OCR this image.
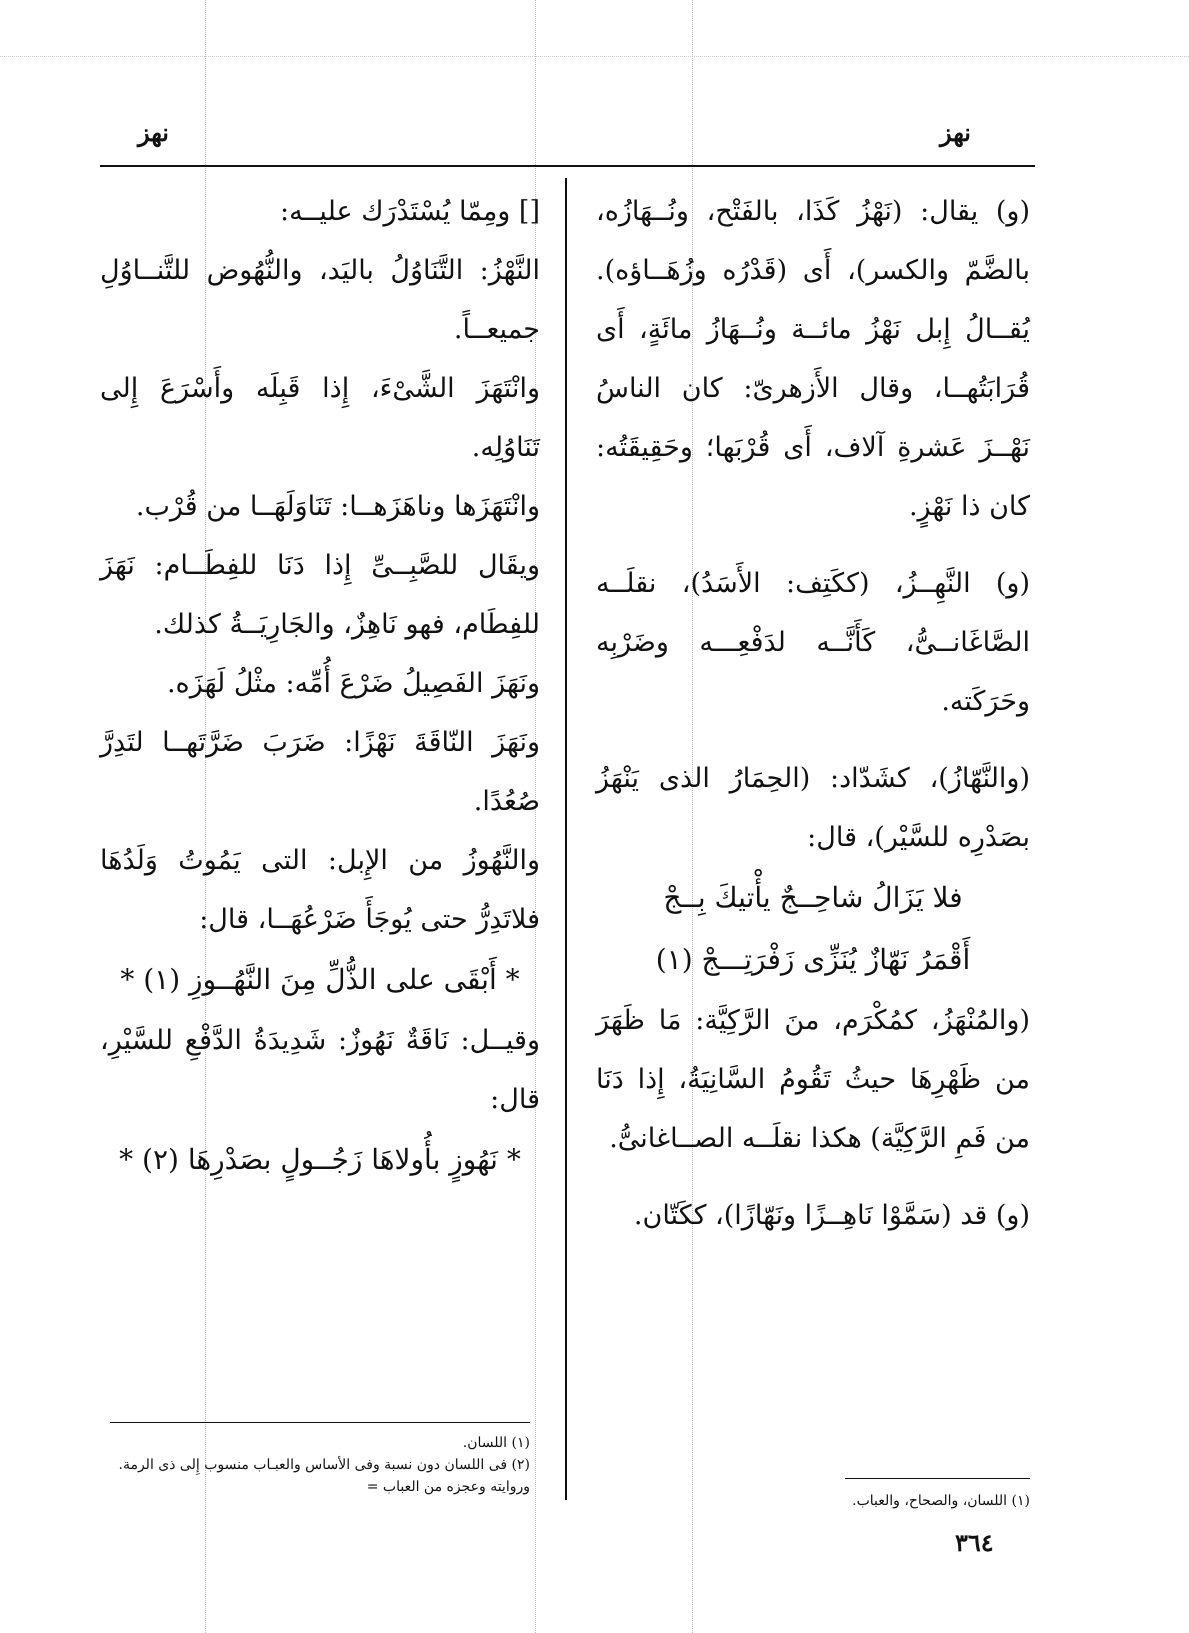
نهز
نهز

(و) يقال: (نَهْزُ كَذَا، بالفَتْح، ونُــهَازُه، بالضَّمّ والكسر)، أَى (قَدْرُه وزُهَــاؤه). يُقــالُ إِبل نَهْزُ مائــة ونُــهَازُ مائَةٍ، أَى قُرَابَتُهــا، وقال الأَزهرىّ: كان الناسُ نَهْــزَ عَشرةِ آلاف، أَى قُرْبَها؛ وحَقِيقَتُه: كان ذا نَهْزٍ.

(و) النَّهِــزُ، (ككَتِف: الأَسَدُ)، نقلَــه الصَّاغَانــىُّ، كَأَنَّــه لدَفْعِـــه وضَرْبِه وحَرَكَته.

(والنَّهّازُ)، كشَدّاد: (الحِمَارُ الذى يَنْهَزُ بصَدْرِه للسَّيْر)، قال:

فلا يَزَالُ شاحِــجٌ يأْتيكَ بِــجْ

أَقْمَرُ نَهّازٌ يُنَزِّى زَفْرَتِـــجْ (١)

(والمُنْهَزُ، كمُكْرَم، منَ الرَّكِيَّة: مَا ظَهَرَ من ظَهْرِهَا حيثُ تَقُومُ السَّانِيَةُ، إِذا دَنَا من فَمِ الرَّكِيَّة) هكذا نقلَــه الصــاغانىُّ.

(و) قد (سَمَّوْا نَاهِــزًا ونَهّازًا)، ككَتّان.

[] ومِمّا يُسْتَدْرَك عليــه:

النَّهْزُ: التَّنَاوُلُ باليَد، والنُّهُوض للتَّنــاوُلِ جميعــاً.

وانْتَهَزَ الشَّىْءَ، إِذا قَبِلَه وأَسْرَعَ إِلى تَنَاوُلِه.

وانْتَهَزَها وناهَزَهــا: تَنَاوَلَهَــا من قُرْب.

ويقَال للصَّبِــىِّ إِذا دَنَا للفِطَــام: نَهَزَ للفِطَام، فهو نَاهِزٌ، والجَارِيَــةُ كذلك.

ونَهَزَ الفَصِيلُ ضَرْعَ أُمِّه: مثْلُ لَهَزَه.

ونَهَزَ النّاقَةَ نَهْزًا: ضَرَبَ ضَرَّتَهــا لتَدِرَّ صُعُدًا.

والنَّهُوزُ من الإِبل: التى يَمُوتُ وَلَدُهَا فلاتَدِرُّ حتى يُوجَأَ ضَرْعُهَــا، قال:

* أَبْقَى على الذُّلِّ مِنَ النَّهُــوزِ (١) *

وقيــل: نَاقَةٌ نَهُوزٌ: شَدِيدَةُ الدَّفْعِ للسَّيْرِ، قال:

* نَهُوزٍ بأُولاهَا زَجُــولٍ بصَدْرِهَا (٢) *

(١) اللسان.

(٢) فى اللسان دون نسبة وفى الأساس والعبـاب منسوب إِلى ذى الرمة. وروايته وعجزه من العباب =

(١) اللسان، والصحاح، والعباب.

٣٦٤
